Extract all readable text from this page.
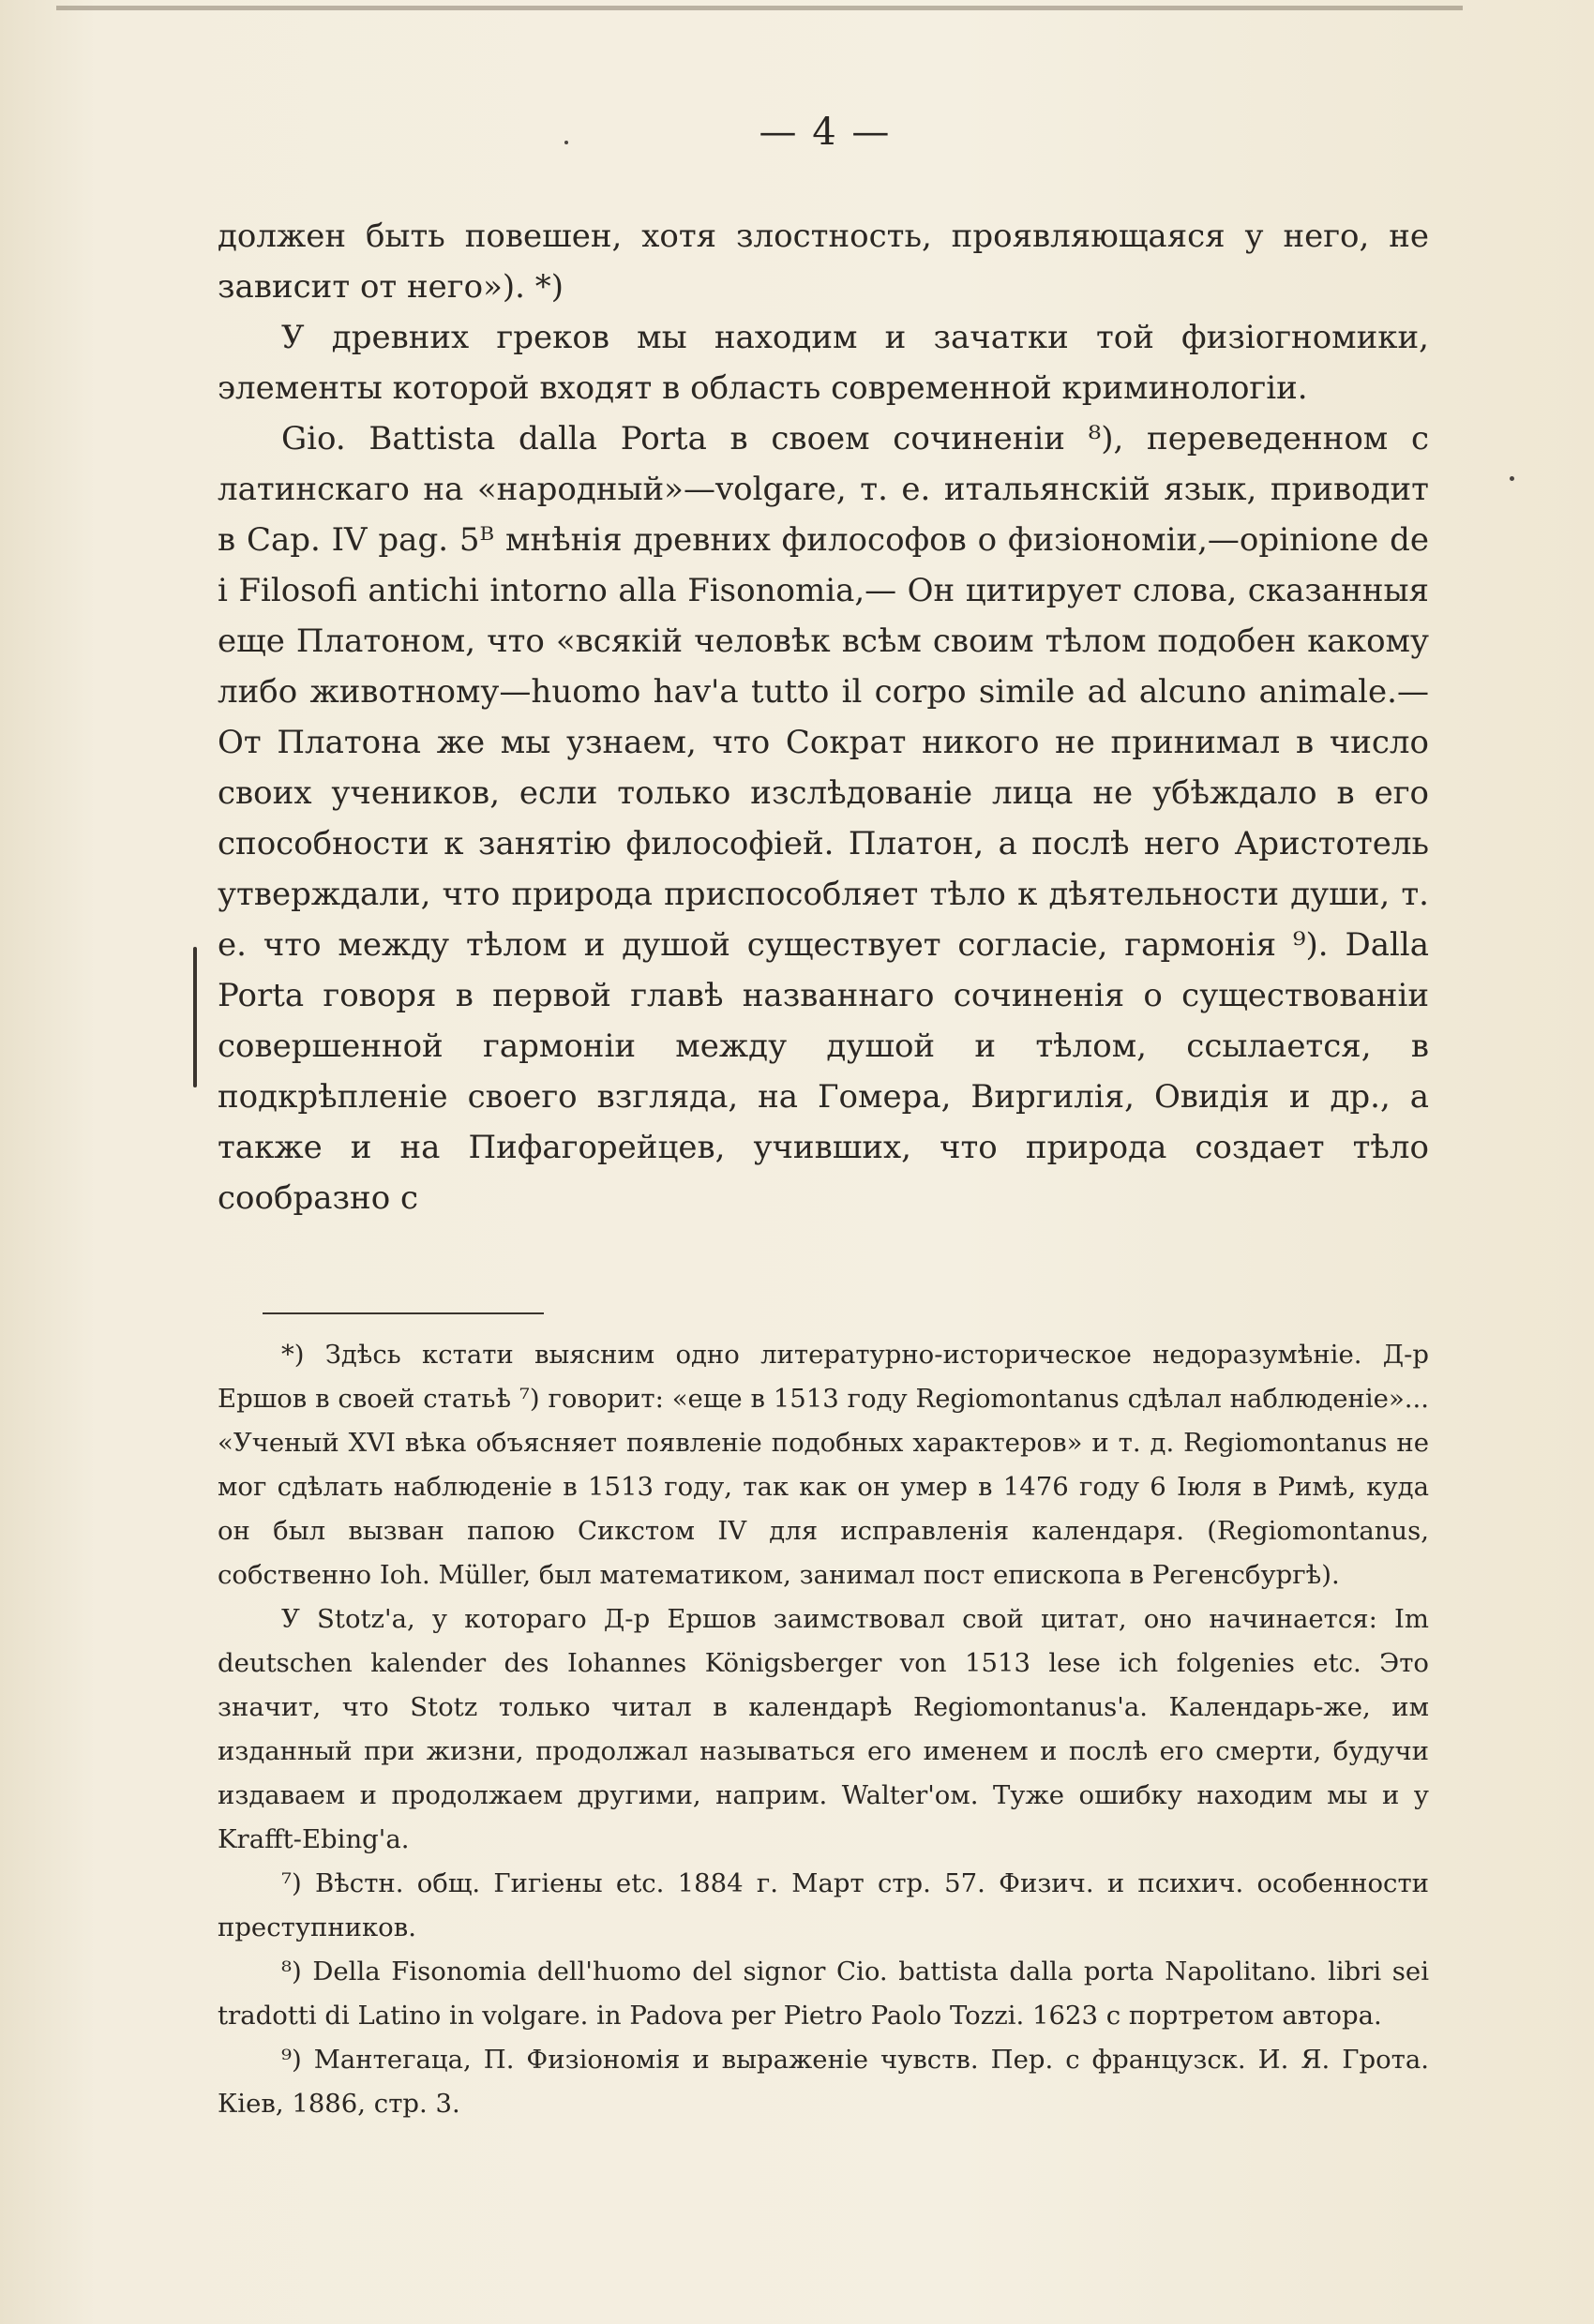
— 4 —

должен быть повешен, хотя злостность, проявляющаяся у него, не зависит от него»). *)

У древних греков мы находим и зачатки той физіогномики, элементы которой входят в область современной криминологіи.

Gio. Battista dalla Porta в своем сочиненіи ⁸), переведенном с латинскаго на «народный»—volgare, т. е. итальянскій язык, приводит в Cap. IV pag. 5ᴮ мнѣнія древних философов о физіономіи,—opinione de i Filosofi antichi intorno alla Fisonomia,— Он цитирует слова, сказанныя еще Платоном, что «всякій человѣк всѣм своим тѣлом подобен какому либо животному—huomo hav'a tutto il corpo simile ad alcuno animale.—От Платона же мы узнаем, что Сократ никого не принимал в число своих учеников, если только изслѣдованіе лица не убѣждало в его способности к занятію философіей. Платон, а послѣ него Аристотель утверждали, что природа приспособляет тѣло к дѣятельности души, т. е. что между тѣлом и душой существует согласіе, гармонія ⁹). Dalla Porta говоря в первой главѣ названнаго сочиненія о существованіи совершенной гармоніи между душой и тѣлом, ссылается, в подкрѣпленіе своего взгляда, на Гомера, Виргилія, Овидія и др., а также и на Пифагорейцев, учивших, что природа создает тѣло сообразно с

*) Здѣсь кстати выясним одно литературно-историческое недоразумѣніе. Д-р Ершов в своей статьѣ ⁷) говорит: «еще в 1513 году Regiomontanus сдѣлал наблюденіе»... «Ученый XVI вѣка объясняет появленіе подобных характеров» и т. д. Regiomontanus не мог сдѣлать наблюденіе в 1513 году, так как он умер в 1476 году 6 Іюля в Римѣ, куда он был вызван папою Сикстом IV для исправленія календаря. (Regiomontanus, собственно Ioh. Müller, был математиком, занимал пост епископа в Регенсбургѣ).

У Stotz'a, у котораго Д-р Ершов заимствовал свой цитат, оно начинается: Im deutschen kalender des Iohannes Königsberger von 1513 lese ich folgenies etc. Это значит, что Stotz только читал в календарѣ Regiomontanus'a. Календарь-же, им изданный при жизни, продолжал называться его именем и послѣ его смерти, будучи издаваем и продолжаем другими, наприм. Walter'ом. Туже ошибку находим мы и у Krafft-Ebing'a.

⁷) Вѣстн. общ. Гигіены etc. 1884 г. Март стр. 57. Физич. и психич. особенности преступников.

⁸) Della Fisonomia dell'huomo del signor Cio. battista dalla porta Napolitano. libri sei tradotti di Latino in volgare. in Padova per Pietro Paolo Tozzi. 1623 с портретом автора.

⁹) Мантегаца, П. Физіономія и выраженіе чувств. Пер. с французск. И. Я. Грота. Кіев, 1886, стр. 3.
